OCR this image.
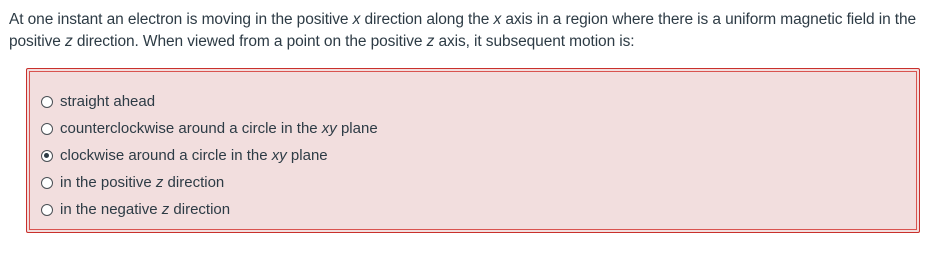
At one instant an electron is moving in the positive x direction along the x axis in a region where there is a uniform magnetic field in the
positive z direction. When viewed from a point on the positive z axis, it subsequent motion is:
straight ahead
counterclockwise around a circle in the xy plane
clockwise around a circle in the xy plane
in the positive z direction
in the negative z direction
